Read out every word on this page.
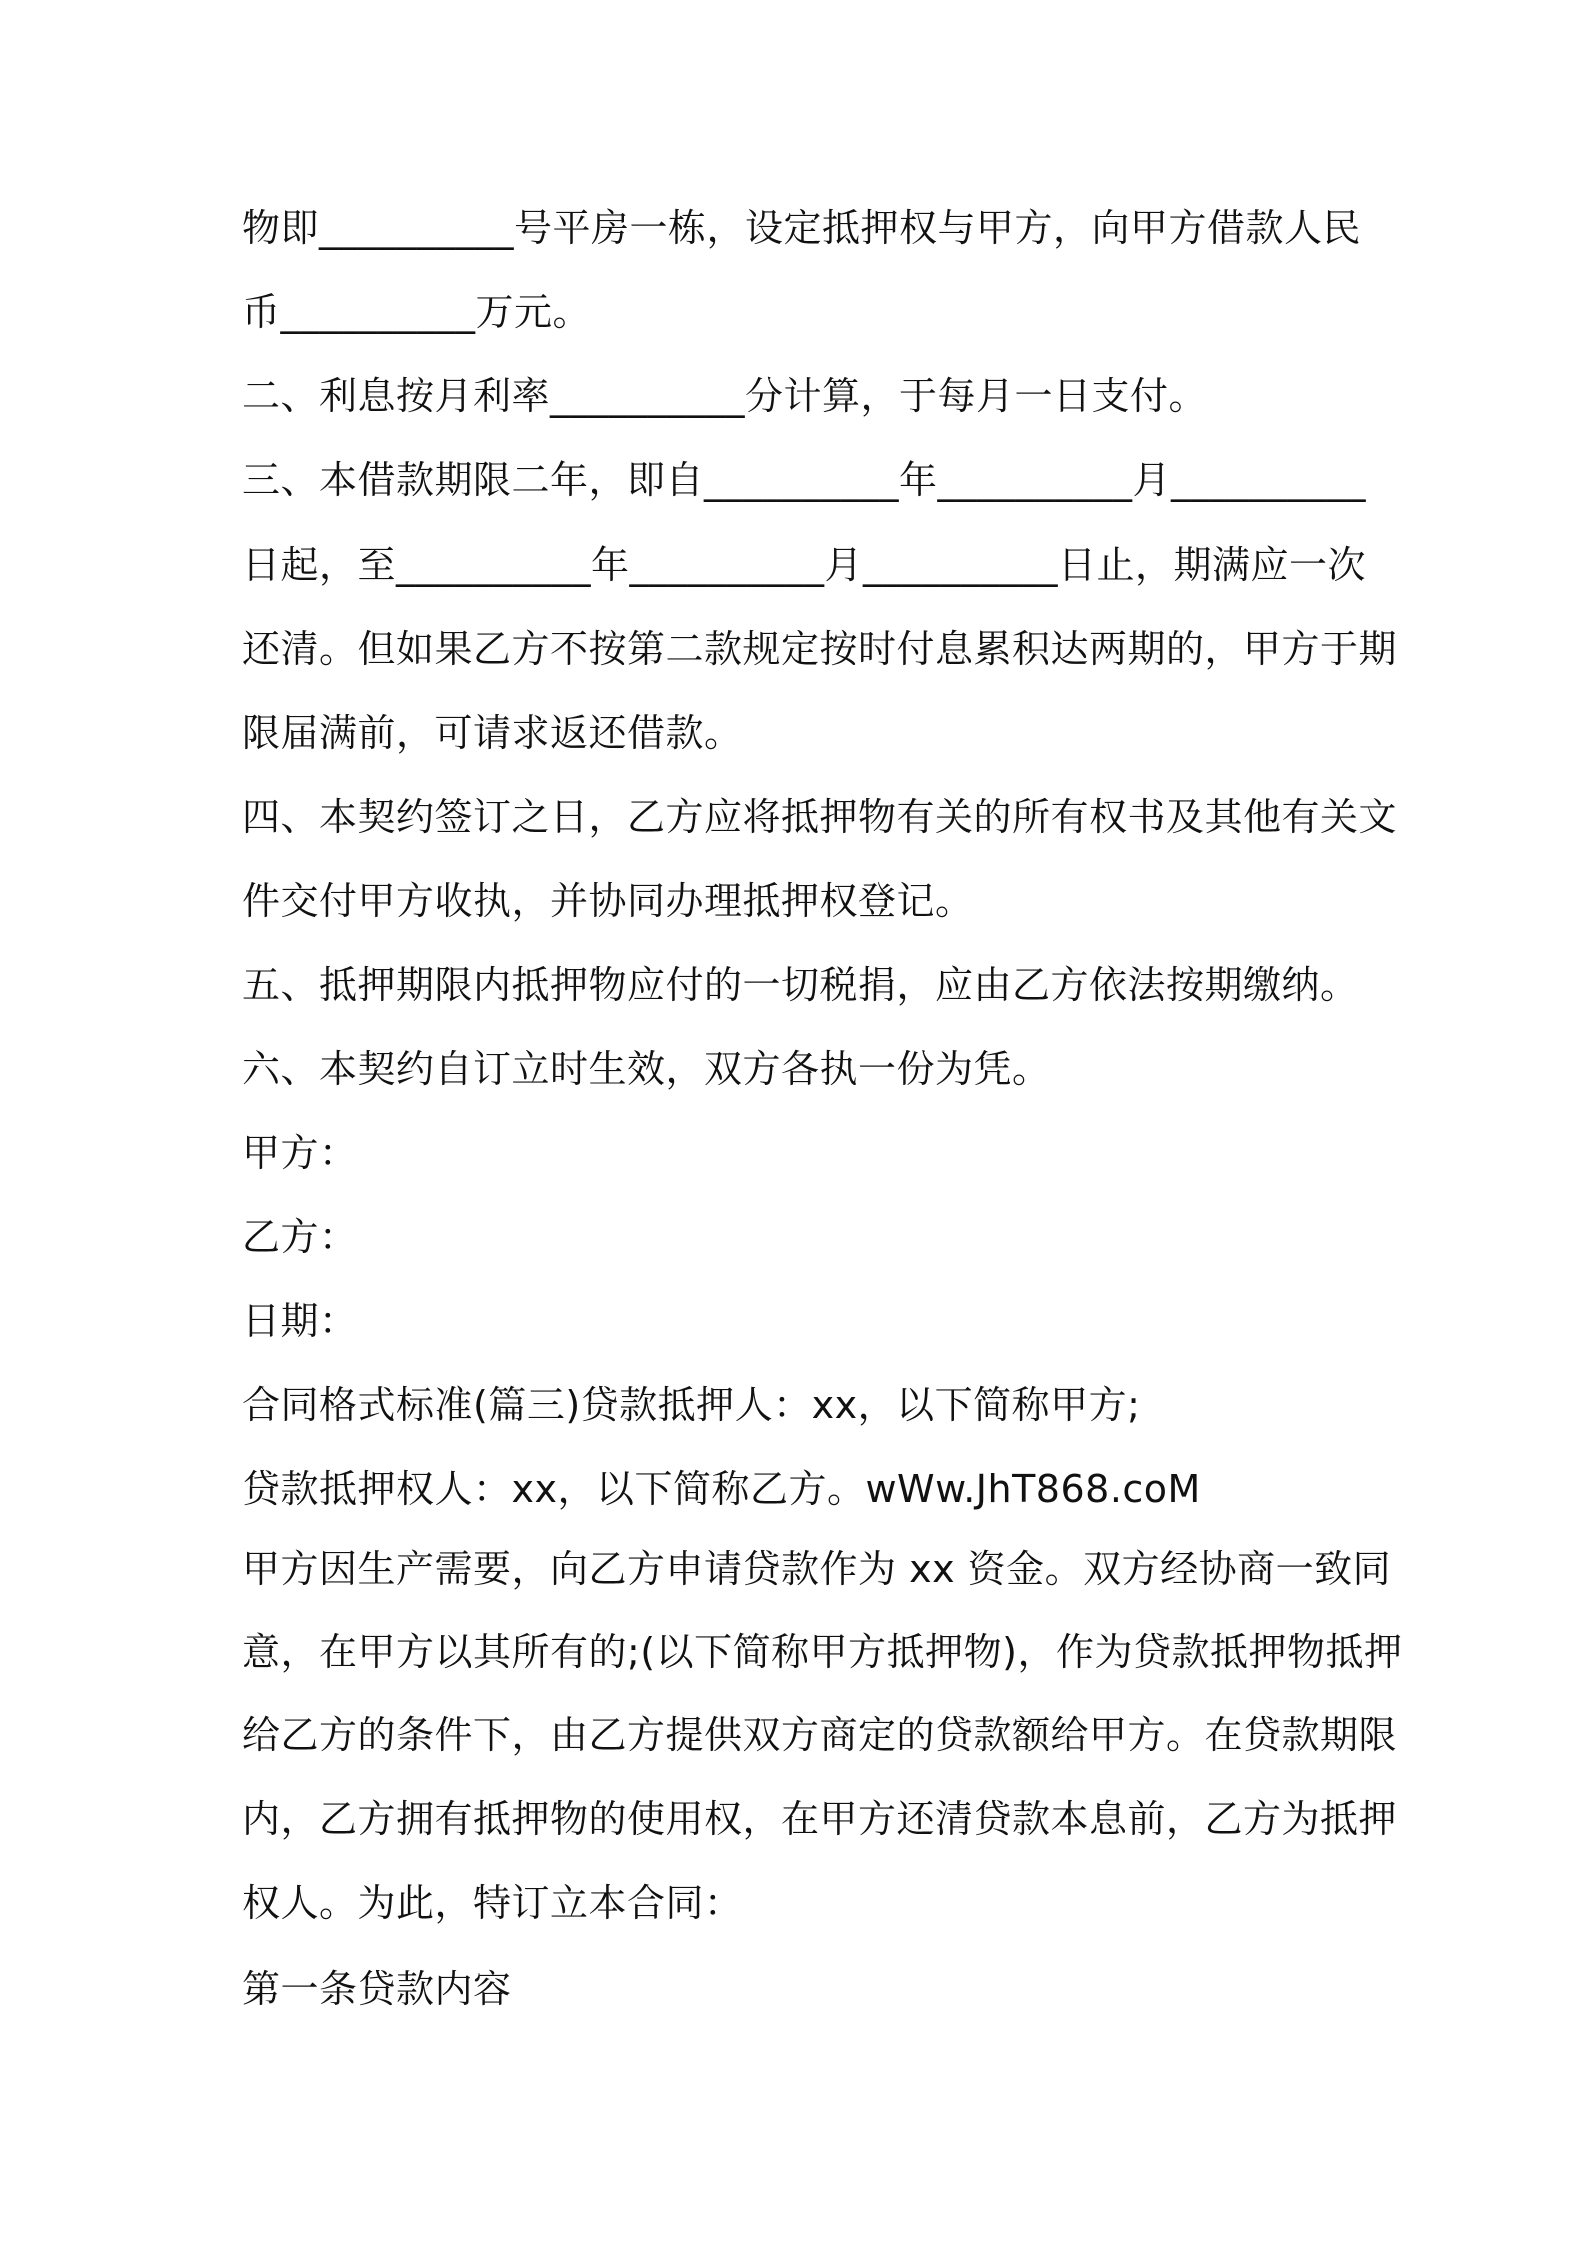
物即__________号平房一栋，设定抵押权与甲方，向甲方借款人民
币__________万元。
二、利息按月利率__________分计算，于每月一日支付。
三、本借款期限二年，即自__________年__________月__________
日起，至__________年__________月__________日止，期满应一次
还清。但如果乙方不按第二款规定按时付息累积达两期的，甲方于期
限届满前，可请求返还借款。
四、本契约签订之日，乙方应将抵押物有关的所有权书及其他有关文
件交付甲方收执，并协同办理抵押权登记。
五、抵押期限内抵押物应付的一切税捐，应由乙方依法按期缴纳。
六、本契约自订立时生效，双方各执一份为凭。
甲方：
乙方：
日期：
合同格式标准(篇三)贷款抵押人：xx，以下简称甲方;
贷款抵押权人：xx，以下简称乙方。wWw.JhT868.coM
甲方因生产需要，向乙方申请贷款作为 xx 资金。双方经协商一致同
意，在甲方以其所有的;(以下简称甲方抵押物)，作为贷款抵押物抵押
给乙方的条件下，由乙方提供双方商定的贷款额给甲方。在贷款期限
内，乙方拥有抵押物的使用权，在甲方还清贷款本息前，乙方为抵押
权人。为此，特订立本合同：
第一条贷款内容
